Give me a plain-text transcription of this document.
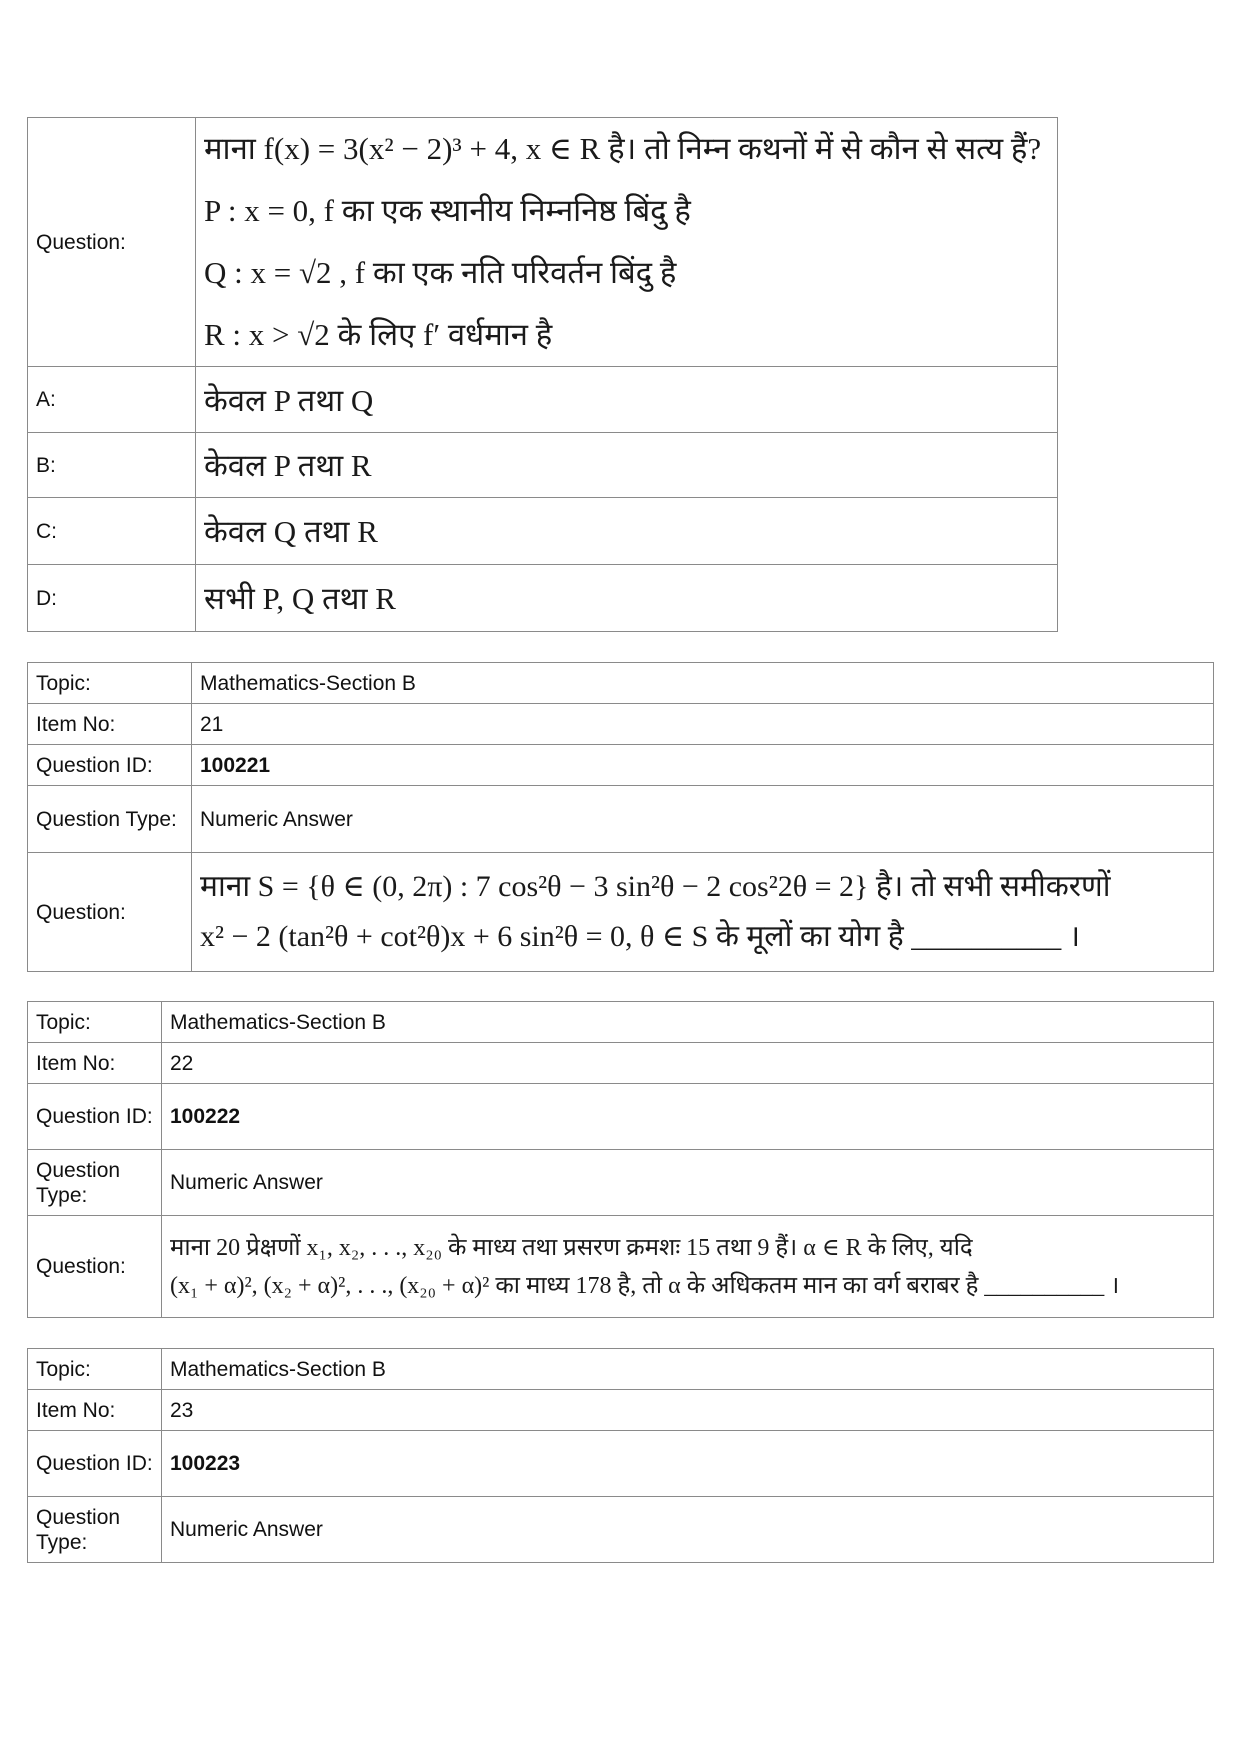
Question:	माना f(x) = 3(x² − 2)³ + 4, x ∈ R है। तो निम्न कथनों में से कौन से सत्य हैं?

P : x = 0, f का एक स्थानीय निम्ननिष्ठ बिंदु है

Q : x = √2 , f का एक नति परिवर्तन बिंदु है

R : x > √2 के लिए f′ वर्धमान है

A:	केवल P तथा Q
B:	केवल P तथा R
C:	केवल Q तथा R
D:	सभी P, Q तथा R
Topic:	Mathematics-Section B
Item No:	21
Question ID:	100221
Question Type:	Numeric Answer
Question:	माना S = {θ ∈ (0, 2π) : 7 cos²θ − 3 sin²θ − 2 cos²2θ = 2} है। तो सभी समीकरणों

x² − 2 (tan²θ + cot²θ)x + 6 sin²θ = 0, θ ∈ S के मूलों का योग है __________ ।

Topic:	Mathematics-Section B
Item No:	22
Question ID:	100222
Question Type:	Numeric Answer
Question:	माना 20 प्रेक्षणों x₁, x₂, . . ., x₂₀ के माध्य तथा प्रसरण क्रमशः 15 तथा 9 हैं। α ∈ R के लिए, यदि

(x₁ + α)², (x₂ + α)², . . ., (x₂₀ + α)² का माध्य 178 है, तो α के अधिकतम मान का वर्ग बराबर है __________ ।

Topic:	Mathematics-Section B
Item No:	23
Question ID:	100223
Question Type:	Numeric Answer
